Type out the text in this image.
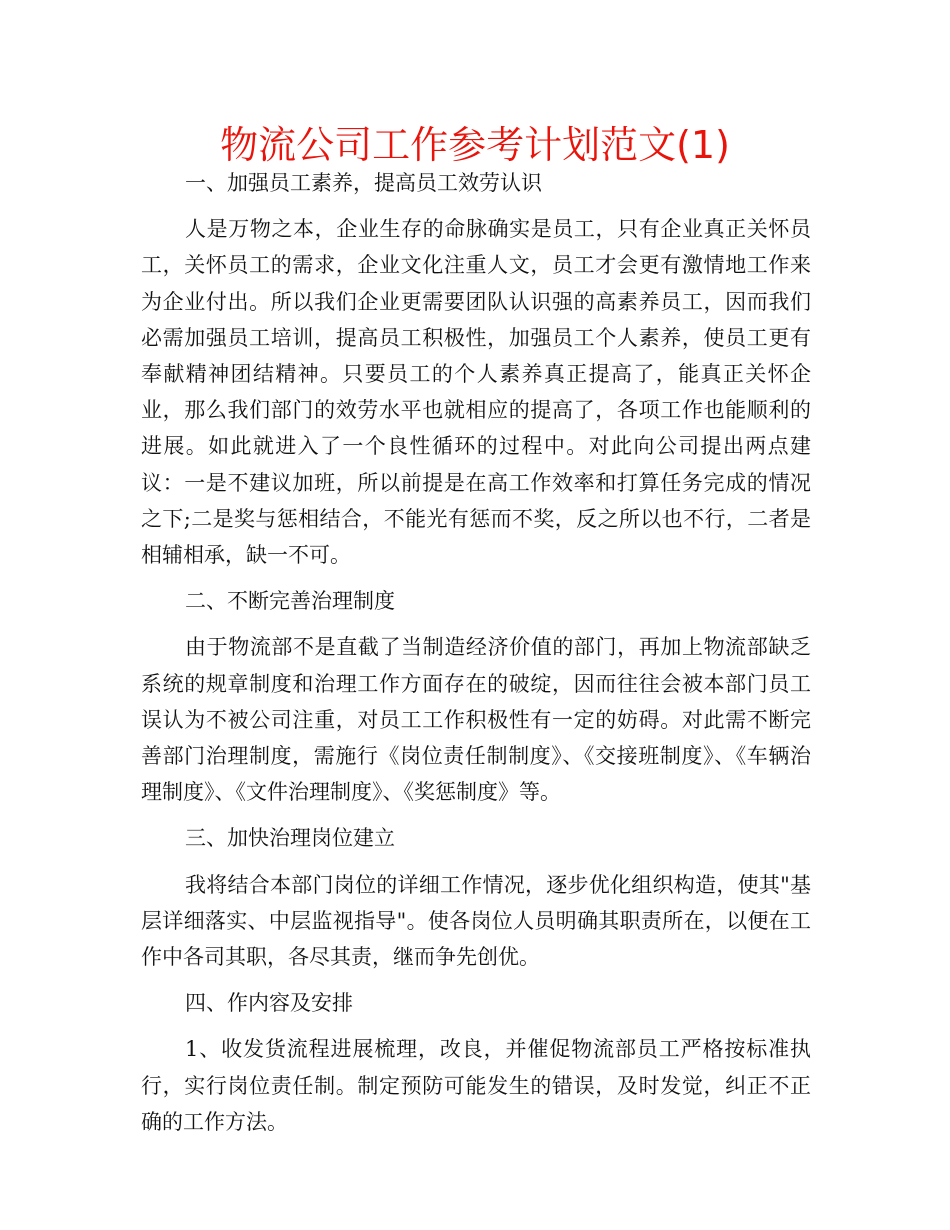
物流公司工作参考计划范文(1)

一、加强员工素养，提高员工效劳认识

人是万物之本，企业生存的命脉确实是员工，只有企业真正关怀员工，关怀员工的需求，企业文化注重人文，员工才会更有激情地工作来为企业付出。所以我们企业更需要团队认识强的高素养员工，因而我们必需加强员工培训，提高员工积极性，加强员工个人素养，使员工更有奉献精神团结精神。只要员工的个人素养真正提高了，能真正关怀企业，那么我们部门的效劳水平也就相应的提高了，各项工作也能顺利的进展。如此就进入了一个良性循环的过程中。对此向公司提出两点建议：一是不建议加班，所以前提是在高工作效率和打算任务完成的情况之下;二是奖与惩相结合，不能光有惩而不奖，反之所以也不行，二者是相辅相承，缺一不可。

二、不断完善治理制度

由于物流部不是直截了当制造经济价值的部门，再加上物流部缺乏系统的规章制度和治理工作方面存在的破绽，因而往往会被本部门员工误认为不被公司注重，对员工工作积极性有一定的妨碍。对此需不断完善部门治理制度，需施行《岗位责任制制度》、《交接班制度》、《车辆治理制度》、《文件治理制度》、《奖惩制度》等。

三、加快治理岗位建立

我将结合本部门岗位的详细工作情况，逐步优化组织构造，使其"基层详细落实、中层监视指导"。使各岗位人员明确其职责所在，以便在工作中各司其职，各尽其责，继而争先创优。

四、作内容及安排

1、收发货流程进展梳理，改良，并催促物流部员工严格按标准执行，实行岗位责任制。制定预防可能发生的错误，及时发觉，纠正不正确的工作方法。
